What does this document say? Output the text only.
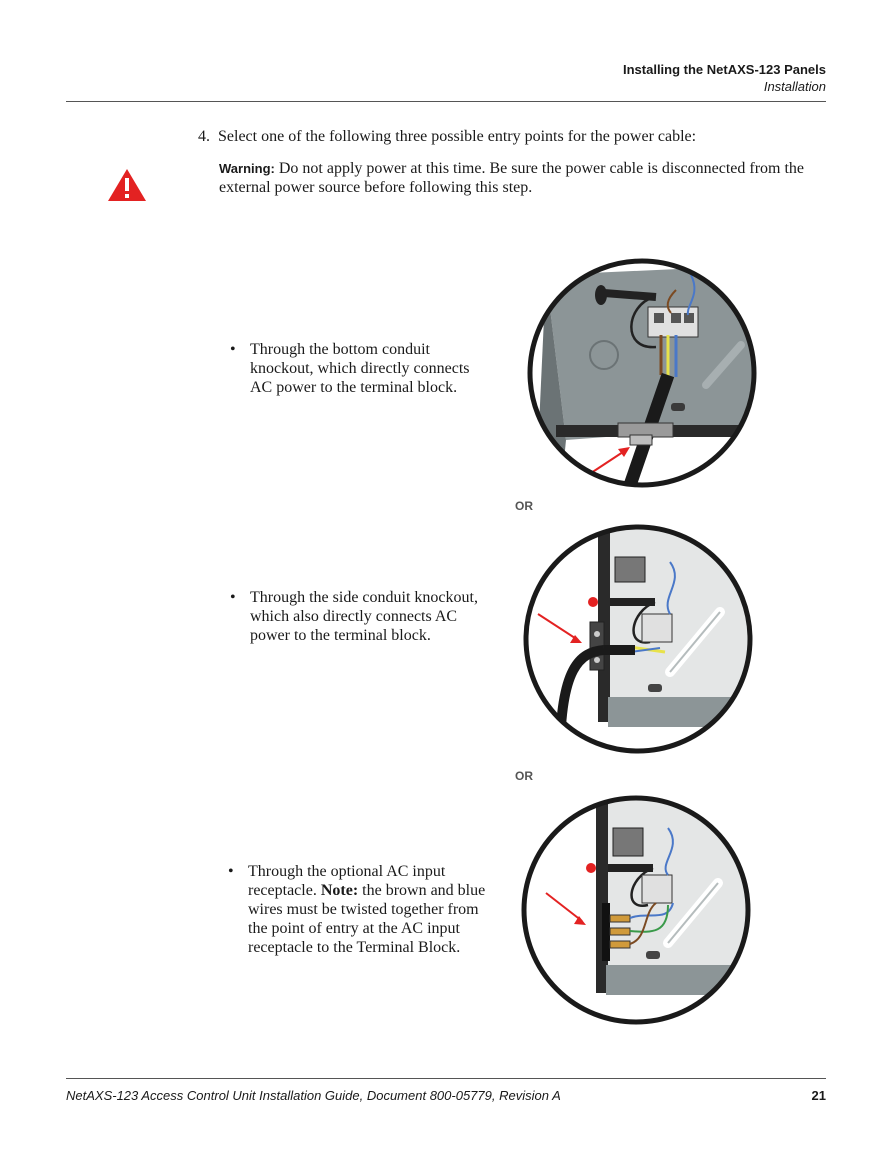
Installing the NetAXS-123 Panels
Installation
4. Select one of the following three possible entry points for the power cable:
Warning: Do not apply power at this time. Be sure the power cable is disconnected from the external power source before following this step.
• Through the bottom conduit
knockout, which directly connects
AC power to the terminal block.
OR
• Through the side conduit knockout,
which also directly connects AC
power to the terminal block.
OR
• Through the optional AC input
receptacle. Note: the brown and blue
wires must be twisted together from
the point of entry at the AC input
receptacle to the Terminal Block.
NetAXS-123 Access Control Unit Installation Guide, Document 800-05779, Revision A	21
